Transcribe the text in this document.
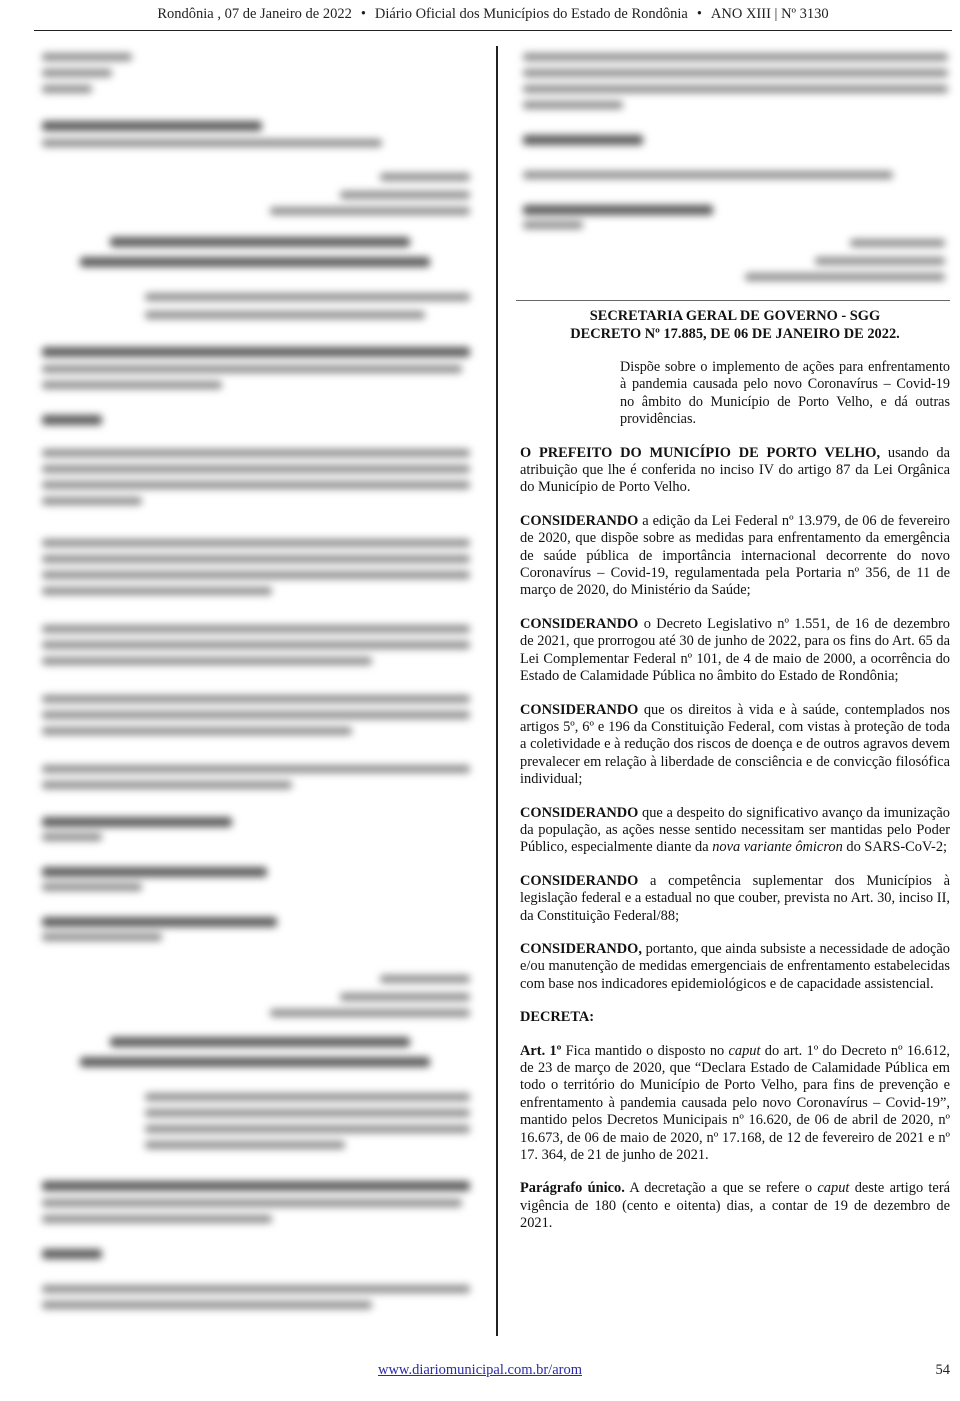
Rondônia , 07 de Janeiro de 2022 • Diário Oficial dos Municípios do Estado de Rondônia • ANO XIII | Nº 3130
SECRETARIA GERAL DE GOVERNO - SGG
DECRETO Nº 17.885, DE 06 DE JANEIRO DE 2022.
Dispõe sobre o implemento de ações para enfrentamento à pandemia causada pelo novo Coronavírus – Covid-19 no âmbito do Município de Porto Velho, e dá outras providências.
O PREFEITO DO MUNICÍPIO DE PORTO VELHO, usando da atribuição que lhe é conferida no inciso IV do artigo 87 da Lei Orgânica do Município de Porto Velho.
CONSIDERANDO a edição da Lei Federal nº 13.979, de 06 de fevereiro de 2020, que dispõe sobre as medidas para enfrentamento da emergência de saúde pública de importância internacional decorrente do novo Coronavírus – Covid-19, regulamentada pela Portaria nº 356, de 11 de março de 2020, do Ministério da Saúde;
CONSIDERANDO o Decreto Legislativo nº 1.551, de 16 de dezembro de 2021, que prorrogou até 30 de junho de 2022, para os fins do Art. 65 da Lei Complementar Federal nº 101, de 4 de maio de 2000, a ocorrência do Estado de Calamidade Pública no âmbito do Estado de Rondônia;
CONSIDERANDO que os direitos à vida e à saúde, contemplados nos artigos 5º, 6º e 196 da Constituição Federal, com vistas à proteção de toda a coletividade e à redução dos riscos de doença e de outros agravos devem prevalecer em relação à liberdade de consciência e de convicção filosófica individual;
CONSIDERANDO que a despeito do significativo avanço da imunização da população, as ações nesse sentido necessitam ser mantidas pelo Poder Público, especialmente diante da nova variante ômicron do SARS-CoV-2;
CONSIDERANDO a competência suplementar dos Municípios à legislação federal e a estadual no que couber, prevista no Art. 30, inciso II, da Constituição Federal/88;
CONSIDERANDO, portanto, que ainda subsiste a necessidade de adoção e/ou manutenção de medidas emergenciais de enfrentamento estabelecidas com base nos indicadores epidemiológicos e de capacidade assistencial.
DECRETA:
Art. 1º Fica mantido o disposto no caput do art. 1º do Decreto nº 16.612, de 23 de março de 2020, que “Declara Estado de Calamidade Pública em todo o território do Município de Porto Velho, para fins de prevenção e enfrentamento à pandemia causada pelo novo Coronavírus – Covid-19”, mantido pelos Decretos Municipais nº 16.620, de 06 de abril de 2020, nº 16.673, de 06 de maio de 2020, nº 17.168, de 12 de fevereiro de 2021 e nº 17. 364, de 21 de junho de 2021.
Parágrafo único. A decretação a que se refere o caput deste artigo terá vigência de 180 (cento e oitenta) dias, a contar de 19 de dezembro de 2021.
www.diariomunicipal.com.br/arom	54
